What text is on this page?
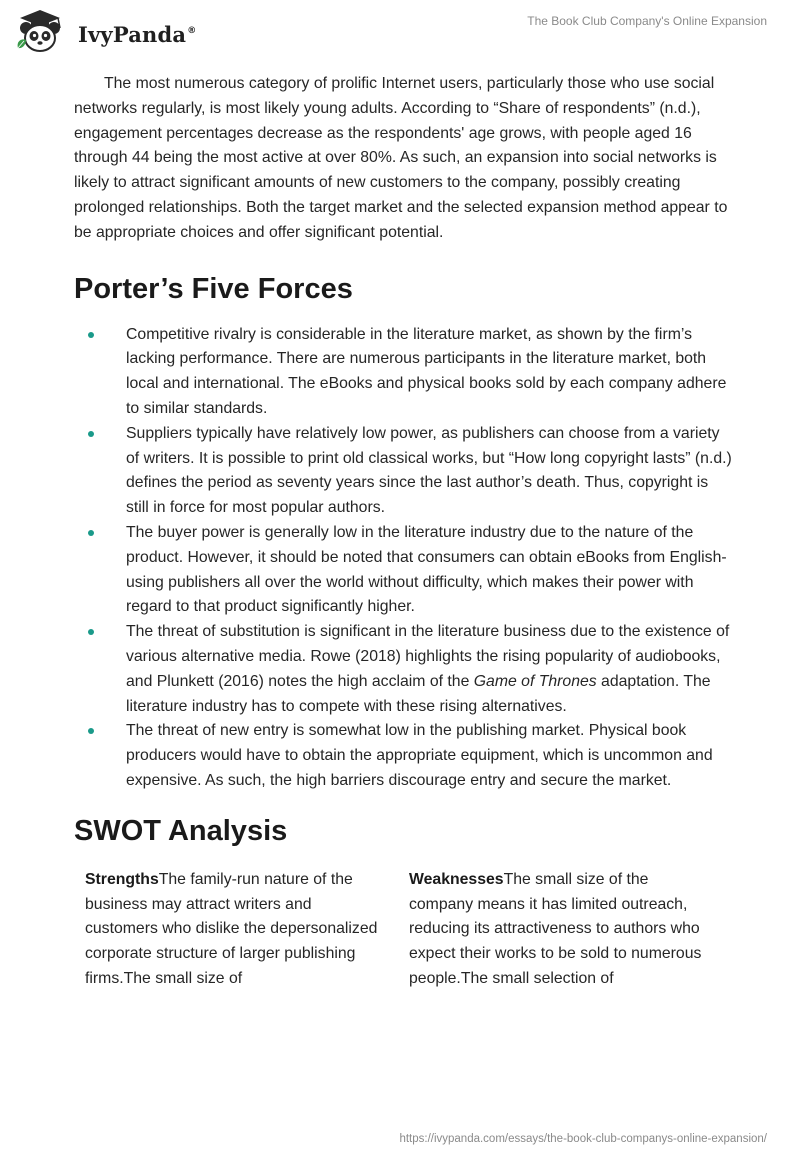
IvyPanda®
The Book Club Company's Online Expansion

The most numerous category of prolific Internet users, particularly those who use social networks regularly, is most likely young adults. According to “Share of respondents” (n.d.), engagement percentages decrease as the respondents' age grows, with people aged 16 through 44 being the most active at over 80%. As such, an expansion into social networks is likely to attract significant amounts of new customers to the company, possibly creating prolonged relationships. Both the target market and the selected expansion method appear to be appropriate choices and offer significant potential.

Porter’s Five Forces
Competitive rivalry is considerable in the literature market, as shown by the firm’s lacking performance. There are numerous participants in the literature market, both local and international. The eBooks and physical books sold by each company adhere to similar standards.
Suppliers typically have relatively low power, as publishers can choose from a variety of writers. It is possible to print old classical works, but “How long copyright lasts” (n.d.) defines the period as seventy years since the last author’s death. Thus, copyright is still in force for most popular authors.
The buyer power is generally low in the literature industry due to the nature of the product. However, it should be noted that consumers can obtain eBooks from English-using publishers all over the world without difficulty, which makes their power with regard to that product significantly higher.
The threat of substitution is significant in the literature business due to the existence of various alternative media. Rowe (2018) highlights the rising popularity of audiobooks, and Plunkett (2016) notes the high acclaim of the Game of Thrones adaptation. The literature industry has to compete with these rising alternatives.
The threat of new entry is somewhat low in the publishing market. Physical book producers would have to obtain the appropriate equipment, which is uncommon and expensive. As such, the high barriers discourage entry and secure the market.
SWOT Analysis
StrengthsThe family-run nature of the business may attract writers and customers who dislike the depersonalized corporate structure of larger publishing firms.The small size of
WeaknessesThe small size of the company means it has limited outreach, reducing its attractiveness to authors who expect their works to be sold to numerous people.The small selection of
https://ivypanda.com/essays/the-book-club-companys-online-expansion/
